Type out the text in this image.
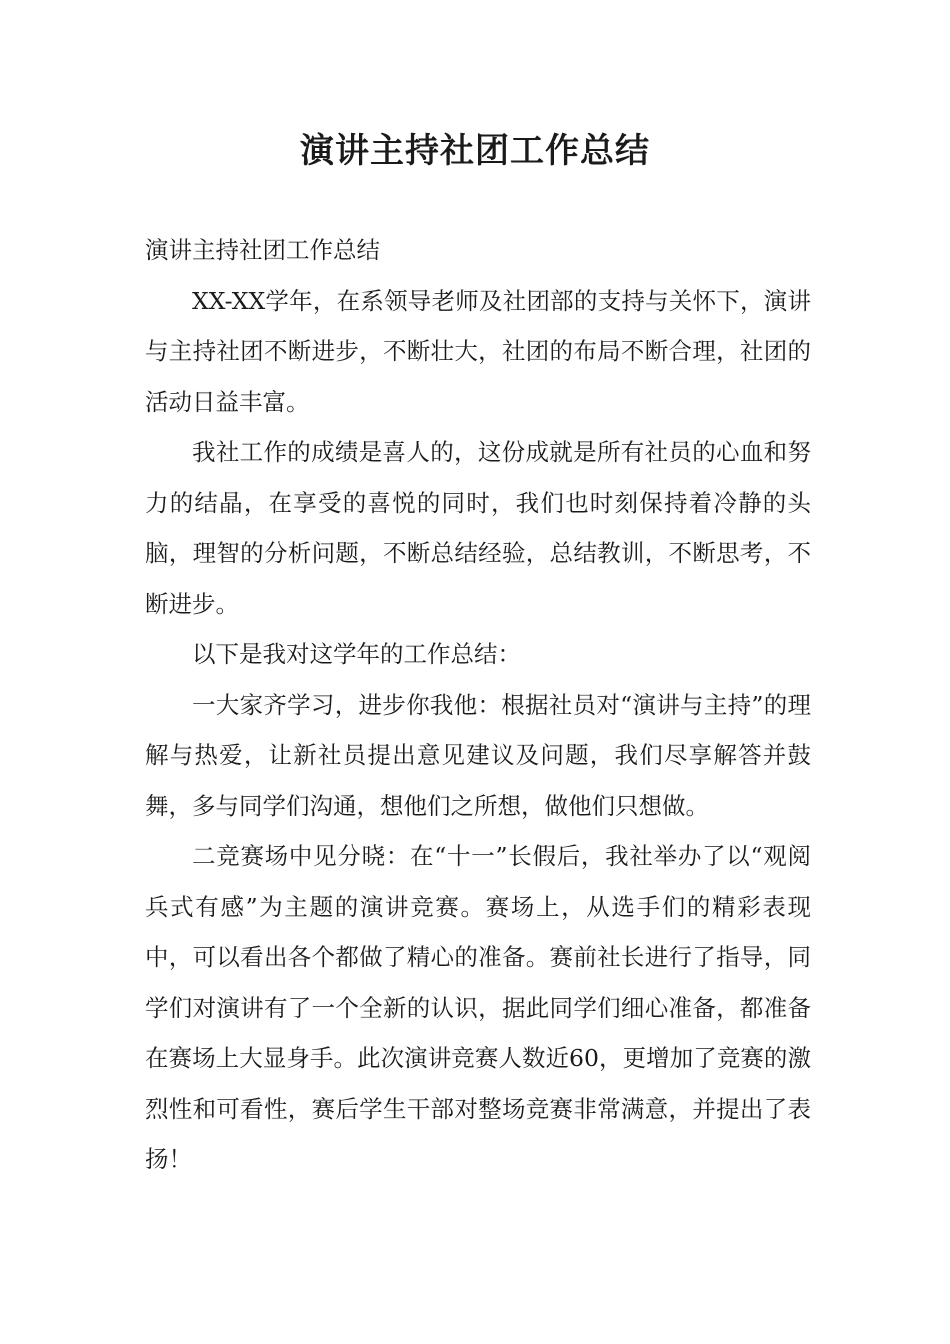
演讲主持社团工作总结

演讲主持社团工作总结

XX-XX学年，在系领导老师及社团部的支持与关怀下，演讲与主持社团不断进步，不断壮大，社团的布局不断合理，社团的活动日益丰富。

我社工作的成绩是喜人的，这份成就是所有社员的心血和努力的结晶，在享受的喜悦的同时，我们也时刻保持着冷静的头脑，理智的分析问题，不断总结经验，总结教训，不断思考，不断进步。

以下是我对这学年的工作总结：

一大家齐学习，进步你我他：根据社员对“演讲与主持”的理解与热爱，让新社员提出意见建议及问题，我们尽享解答并鼓舞，多与同学们沟通，想他们之所想，做他们只想做。

二竞赛场中见分晓：在“十一”长假后，我社举办了以“观阅兵式有感”为主题的演讲竞赛。赛场上，从选手们的精彩表现中，可以看出各个都做了精心的准备。赛前社长进行了指导，同学们对演讲有了一个全新的认识，据此同学们细心准备，都准备在赛场上大显身手。此次演讲竞赛人数近60，更增加了竞赛的激烈性和可看性，赛后学生干部对整场竞赛非常满意，并提出了表扬！
